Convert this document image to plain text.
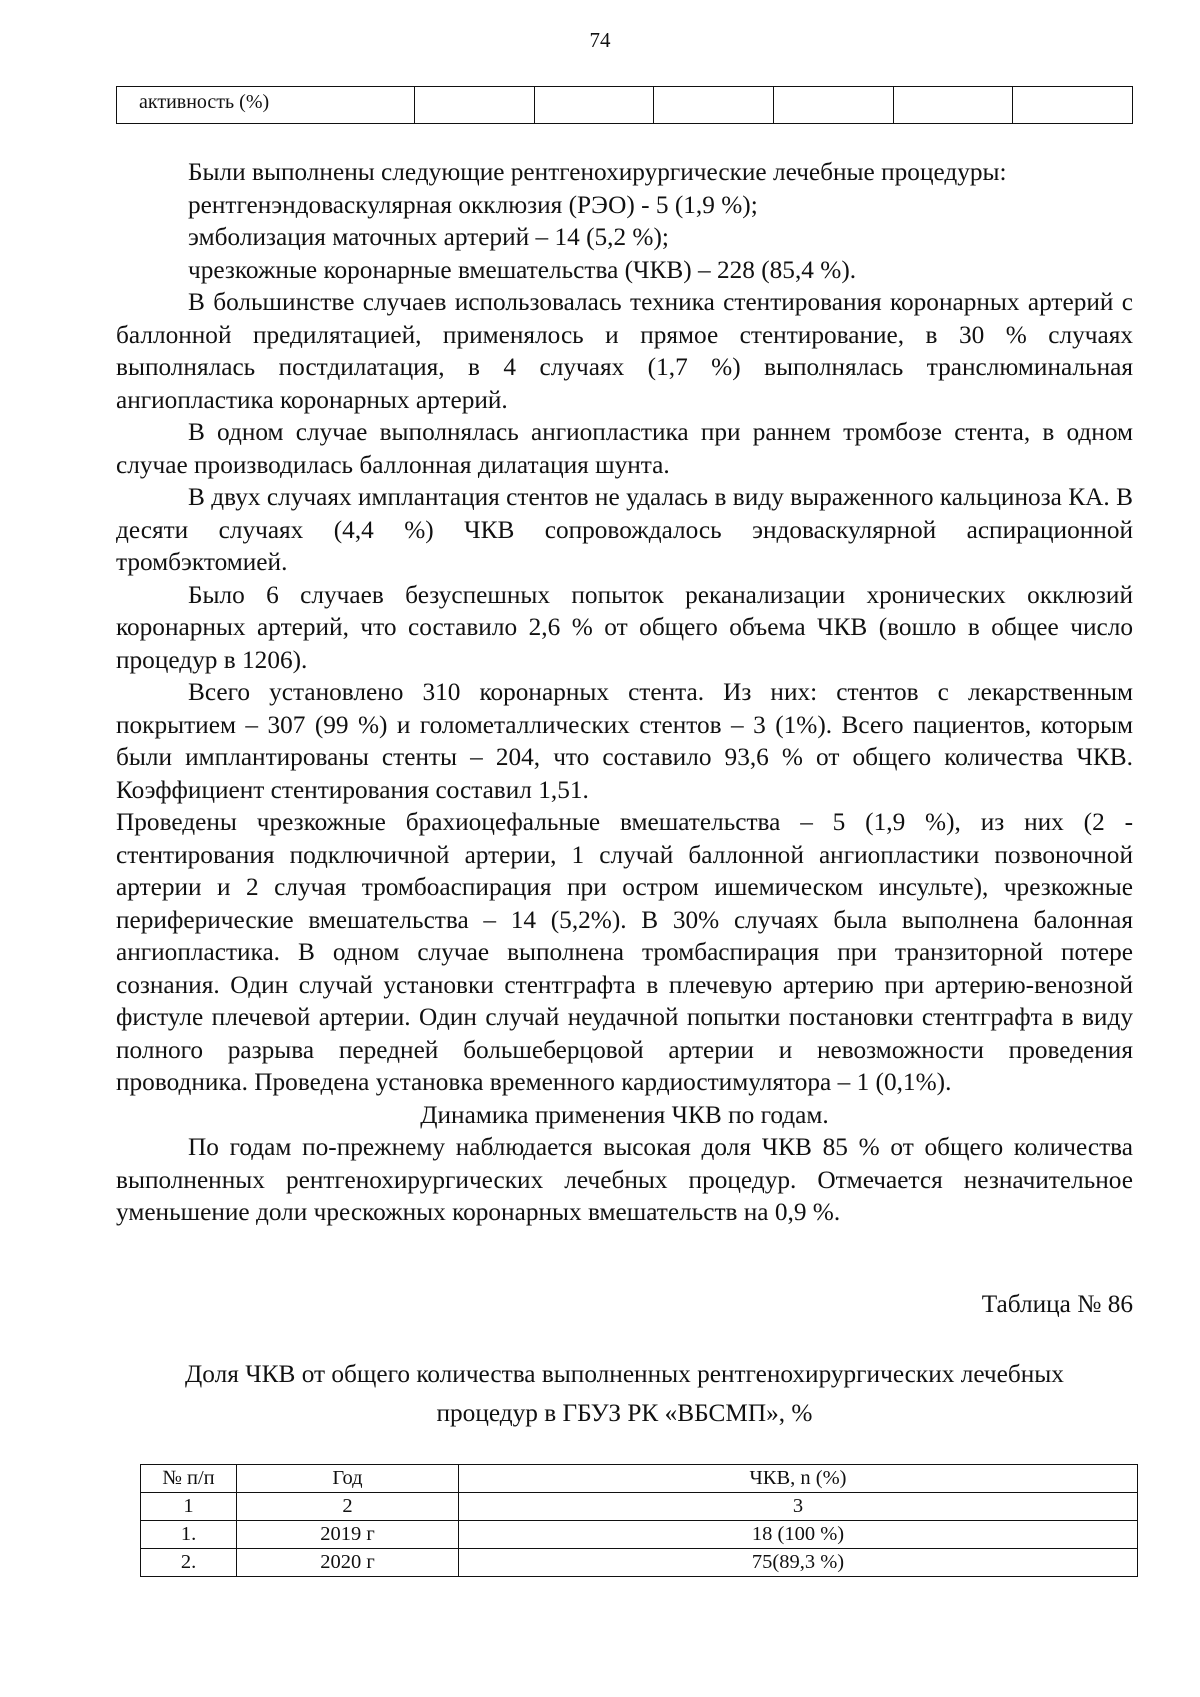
74
активность (%)						

Были выполнены следующие рентгенохирургические лечебные процедуры:

рентгенэндоваскулярная окклюзия (РЭО) - 5 (1,9 %);

эмболизация маточных артерий – 14 (5,2 %);

чрезкожные коронарные вмешательства (ЧКВ) – 228 (85,4 %).

В большинстве случаев использовалась техника стентирования коронарных артерий с баллонной предилятацией, применялось и прямое стентирование, в 30 % случаях выполнялась постдилатация, в 4 случаях (1,7 %) выполнялась транслюминальная ангиопластика коронарных артерий.

В одном случае выполнялась ангиопластика при раннем тромбозе стента, в одном случае производилась баллонная дилатация шунта.

В двух случаях имплантация стентов не удалась в виду выраженного кальциноза КА. В десяти случаях (4,4 %) ЧКВ сопровождалось эндоваскулярной аспирационной тромбэктомией.

Было 6 случаев безуспешных попыток реканализации хронических окклюзий коронарных артерий, что составило 2,6 % от общего объема ЧКВ (вошло в общее число процедур в 1206).

Всего установлено 310 коронарных стента. Из них: стентов с лекарственным покрытием – 307 (99 %) и голометаллических стентов – 3 (1%). Всего пациентов, которым были имплантированы стенты – 204, что составило 93,6 % от общего количества ЧКВ. Коэффициент стентирования составил 1,51.

Проведены чрезкожные брахиоцефальные вмешательства – 5 (1,9 %), из них (2 - стентирования подключичной артерии, 1 случай баллонной ангиопластики позвоночной артерии и 2 случая тромбоаспирация при остром ишемическом инсульте), чрезкожные периферические вмешательства – 14 (5,2%). В 30% случаях была выполнена балонная ангиопластика. В одном случае выполнена тромбаспирация при транзиторной потере сознания. Один случай установки стентграфта в плечевую артерию при артерию-венозной фистуле плечевой артерии. Один случай неудачной попытки постановки стентграфта в виду полного разрыва передней большеберцовой артерии и невозможности проведения проводника. Проведена установка временного кардиостимулятора – 1 (0,1%).

Динамика применения ЧКВ по годам.

По годам по-прежнему наблюдается высокая доля ЧКВ 85 % от общего количества выполненных рентгенохирургических лечебных процедур. Отмечается незначительное уменьшение доли чрескожных коронарных вмешательств на 0,9 %.

Таблица № 86
Доля ЧКВ от общего количества выполненных рентгенохирургических лечебных
процедур в ГБУЗ РК «ВБСМП», %
№ п/п	Год	ЧКВ, n (%)
1	2	3
1.	2019 г	18 (100 %)
2.	2020 г	75(89,3 %)
